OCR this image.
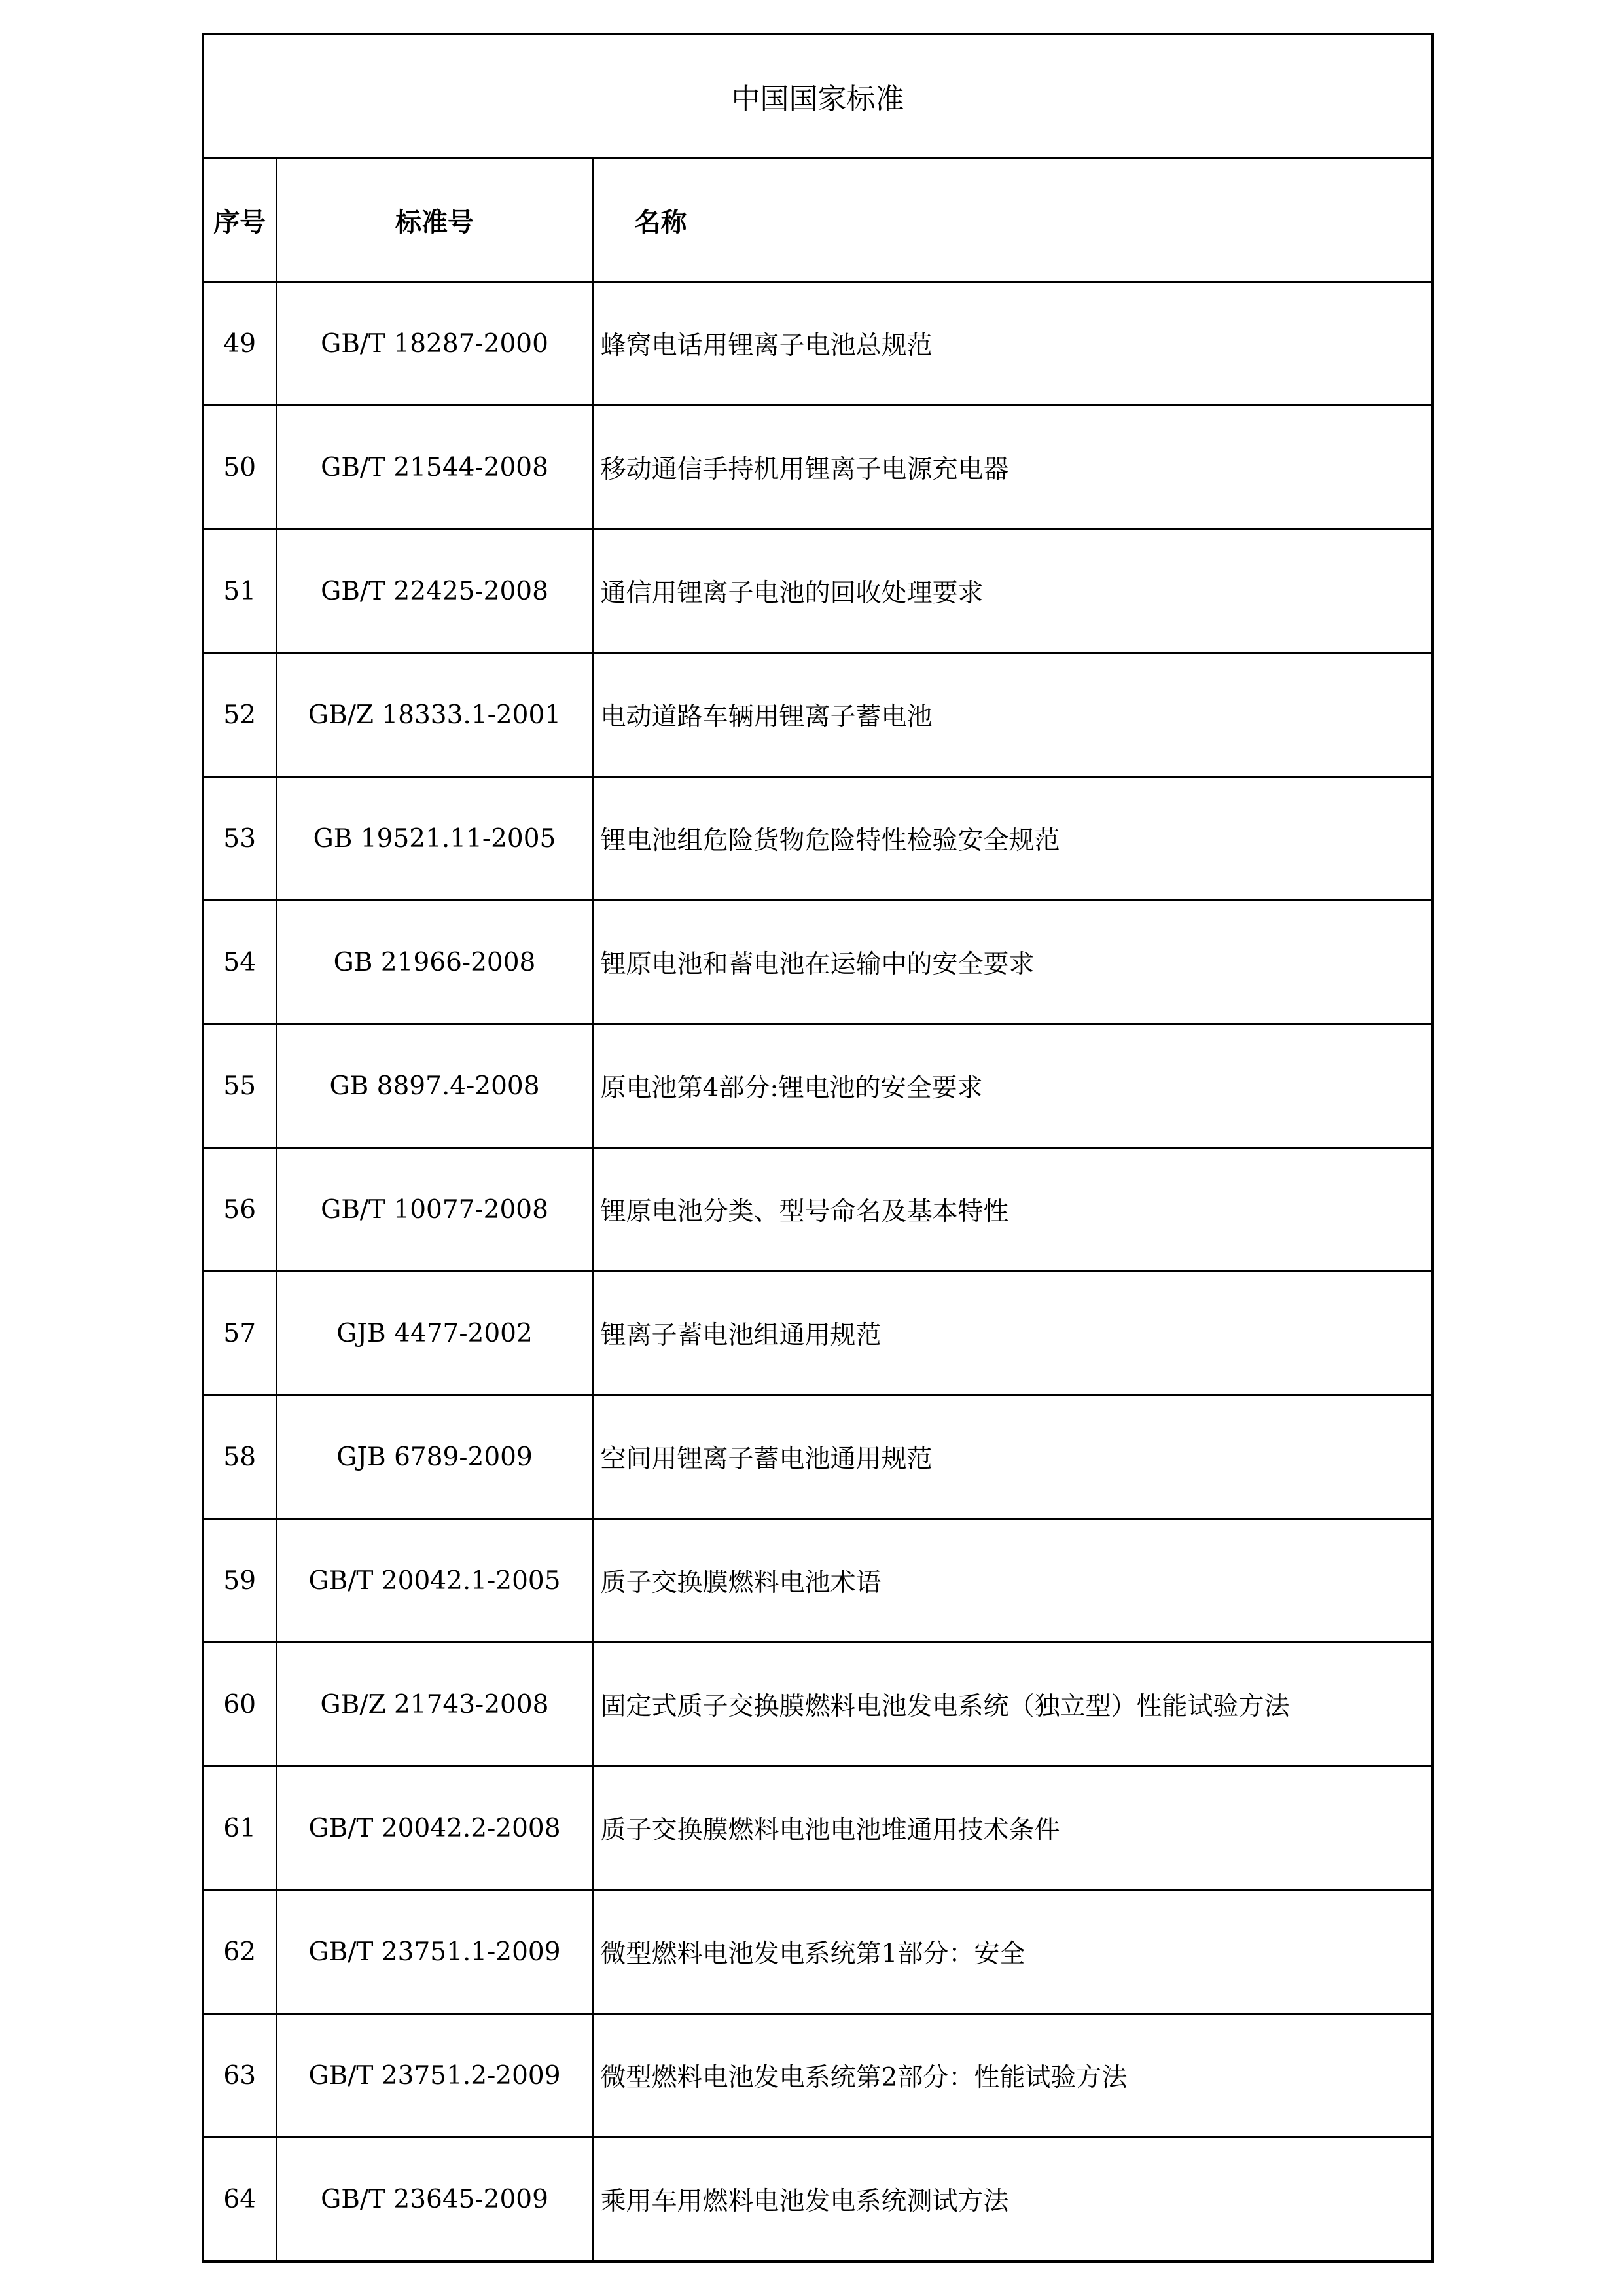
中国国家标准		
序号	标准号	名称
49	GB/T 18287-2000	蜂窝电话用锂离子电池总规范
50	GB/T 21544-2008	移动通信手持机用锂离子电源充电器
51	GB/T 22425-2008	通信用锂离子电池的回收处理要求
52	GB/Z 18333.1-2001	电动道路车辆用锂离子蓄电池
53	GB 19521.11-2005	锂电池组危险货物危险特性检验安全规范
54	GB 21966-2008	锂原电池和蓄电池在运输中的安全要求
55	GB 8897.4-2008	原电池第4部分:锂电池的安全要求
56	GB/T 10077-2008	锂原电池分类、型号命名及基本特性
57	GJB 4477-2002	锂离子蓄电池组通用规范
58	GJB 6789-2009	空间用锂离子蓄电池通用规范
59	GB/T 20042.1-2005	质子交换膜燃料电池术语
60	GB/Z 21743-2008	固定式质子交换膜燃料电池发电系统（独立型）性能试验方法
61	GB/T 20042.2-2008	质子交换膜燃料电池电池堆通用技术条件
62	GB/T 23751.1-2009	微型燃料电池发电系统第1部分：安全
63	GB/T 23751.2-2009	微型燃料电池发电系统第2部分：性能试验方法
64	GB/T 23645-2009	乘用车用燃料电池发电系统测试方法
